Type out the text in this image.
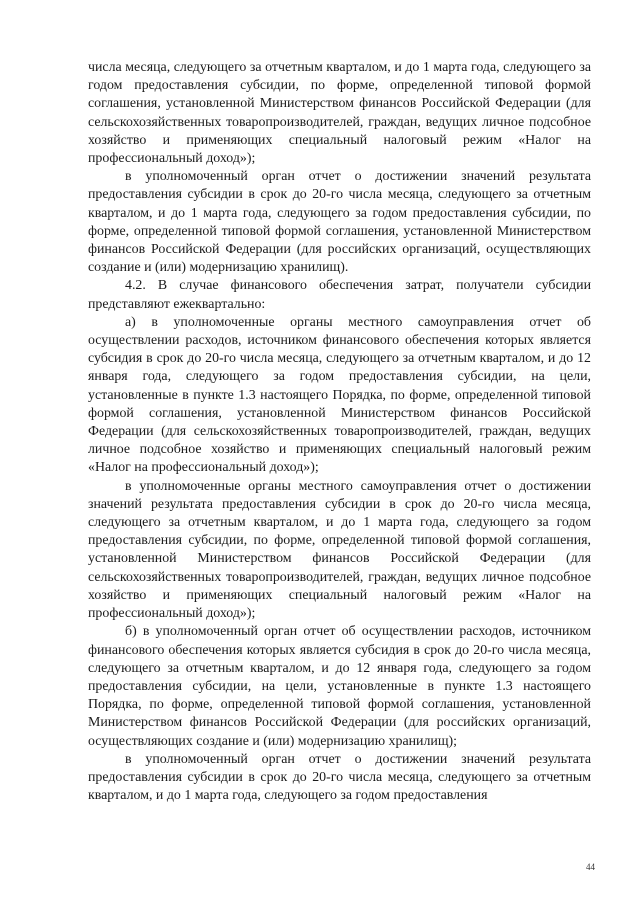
числа месяца, следующего за отчетным кварталом, и до 1 марта года, следующего за годом предоставления субсидии, по форме, определенной типовой формой соглашения, установленной Министерством финансов Российской Федерации (для сельскохозяйственных товаропроизводителей, граждан, ведущих личное подсобное хозяйство и применяющих специальный налоговый режим «Налог на профессиональный доход»);

в уполномоченный орган отчет о достижении значений результата предоставления субсидии в срок до 20-го числа месяца, следующего за отчетным кварталом, и до 1 марта года, следующего за годом предоставления субсидии, по форме, определенной типовой формой соглашения, установленной Министерством финансов Российской Федерации (для российских организаций, осуществляющих создание и (или) модернизацию хранилищ).

4.2. В случае финансового обеспечения затрат, получатели субсидии представляют ежеквартально:

а) в уполномоченные органы местного самоуправления отчет об осуществлении расходов, источником финансового обеспечения которых является субсидия в срок до 20-го числа месяца, следующего за отчетным кварталом, и до 12 января года, следующего за годом предоставления субсидии, на цели, установленные в пункте 1.3 настоящего Порядка, по форме, определенной типовой формой соглашения, установленной Министерством финансов Российской Федерации (для сельскохозяйственных товаропроизводителей, граждан, ведущих личное подсобное хозяйство и применяющих специальный налоговый режим «Налог на профессиональный доход»);

в уполномоченные органы местного самоуправления отчет о достижении значений результата предоставления субсидии в срок до 20-го числа месяца, следующего за отчетным кварталом, и до 1 марта года, следующего за годом предоставления субсидии, по форме, определенной типовой формой соглашения, установленной Министерством финансов Российской Федерации (для сельскохозяйственных товаропроизводителей, граждан, ведущих личное подсобное хозяйство и применяющих специальный налоговый режим «Налог на профессиональный доход»);

б) в уполномоченный орган отчет об осуществлении расходов, источником финансового обеспечения которых является субсидия в срок до 20-го числа месяца, следующего за отчетным кварталом, и до 12 января года, следующего за годом предоставления субсидии, на цели, установленные в пункте 1.3 настоящего Порядка, по форме, определенной типовой формой соглашения, установленной Министерством финансов Российской Федерации (для российских организаций, осуществляющих создание и (или) модернизацию хранилищ);

в уполномоченный орган отчет о достижении значений результата предоставления субсидии в срок до 20-го числа месяца, следующего за отчетным кварталом, и до 1 марта года, следующего за годом предоставления

44
